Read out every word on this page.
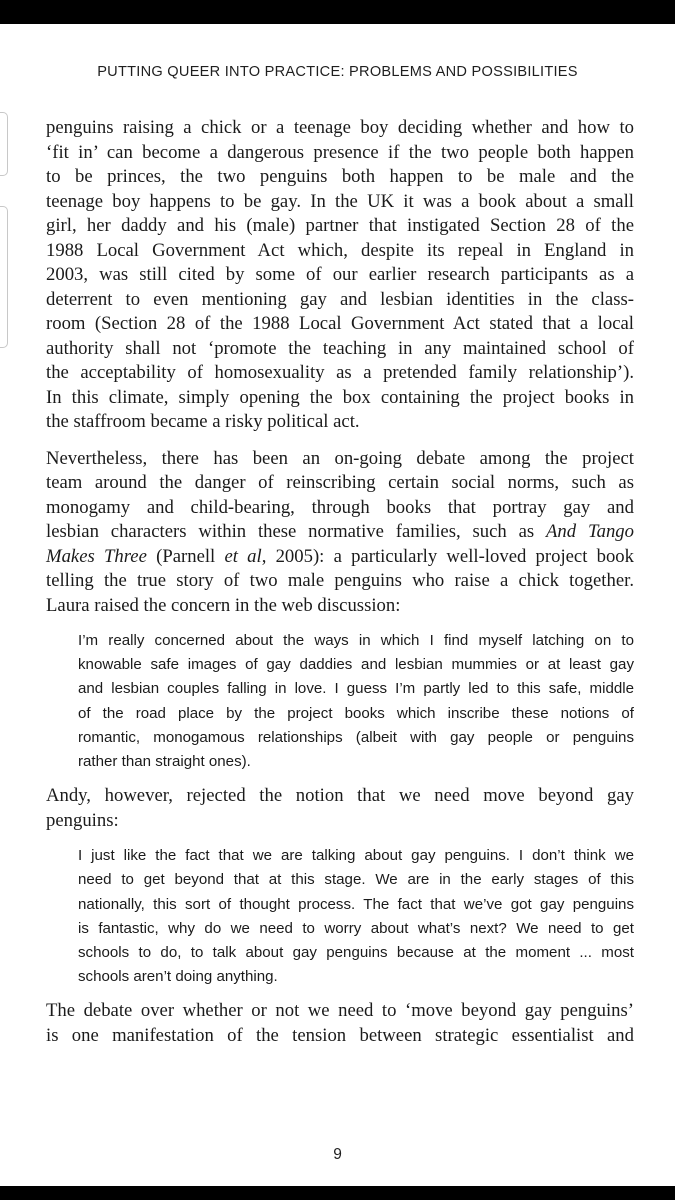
PUTTING QUEER INTO PRACTICE: PROBLEMS AND POSSIBILITIES

penguins raising a chick or a teenage boy deciding whether and how to
‘fit in’ can become a dangerous presence if the two people both happen
to be princes, the two penguins both happen to be male and the
teenage boy happens to be gay. In the UK it was a book about a small
girl, her daddy and his (male) partner that instigated Section 28 of the
1988 Local Government Act which, despite its repeal in England in
2003, was still cited by some of our earlier research participants as a
deterrent to even mentioning gay and lesbian identities in the class-
room (Section 28 of the 1988 Local Government Act stated that a local
authority shall not ‘promote the teaching in any maintained school of
the acceptability of homosexuality as a pretended family relationship’).
In this climate, simply opening the box containing the project books in
the staffroom became a risky political act.

Nevertheless, there has been an on-going debate among the project
team around the danger of reinscribing certain social norms, such as
monogamy and child-bearing, through books that portray gay and
lesbian characters within these normative families, such as And Tango
Makes Three (Parnell et al, 2005): a particularly well-loved project book
telling the true story of two male penguins who raise a chick together.
Laura raised the concern in the web discussion:

I’m really concerned about the ways in which I find myself latching on to
knowable safe images of gay daddies and lesbian mummies or at least gay
and lesbian couples falling in love. I guess I’m partly led to this safe, middle
of the road place by the project books which inscribe these notions of
romantic, monogamous relationships (albeit with gay people or penguins
rather than straight ones).

Andy, however, rejected the notion that we need move beyond gay
penguins:

I just like the fact that we are talking about gay penguins. I don’t think we
need to get beyond that at this stage. We are in the early stages of this
nationally, this sort of thought process. The fact that we’ve got gay penguins
is fantastic, why do we need to worry about what’s next? We need to get
schools to do, to talk about gay penguins because at the moment ... most
schools aren’t doing anything.

The debate over whether or not we need to ‘move beyond gay penguins’
is one manifestation of the tension between strategic essentialist and

9
